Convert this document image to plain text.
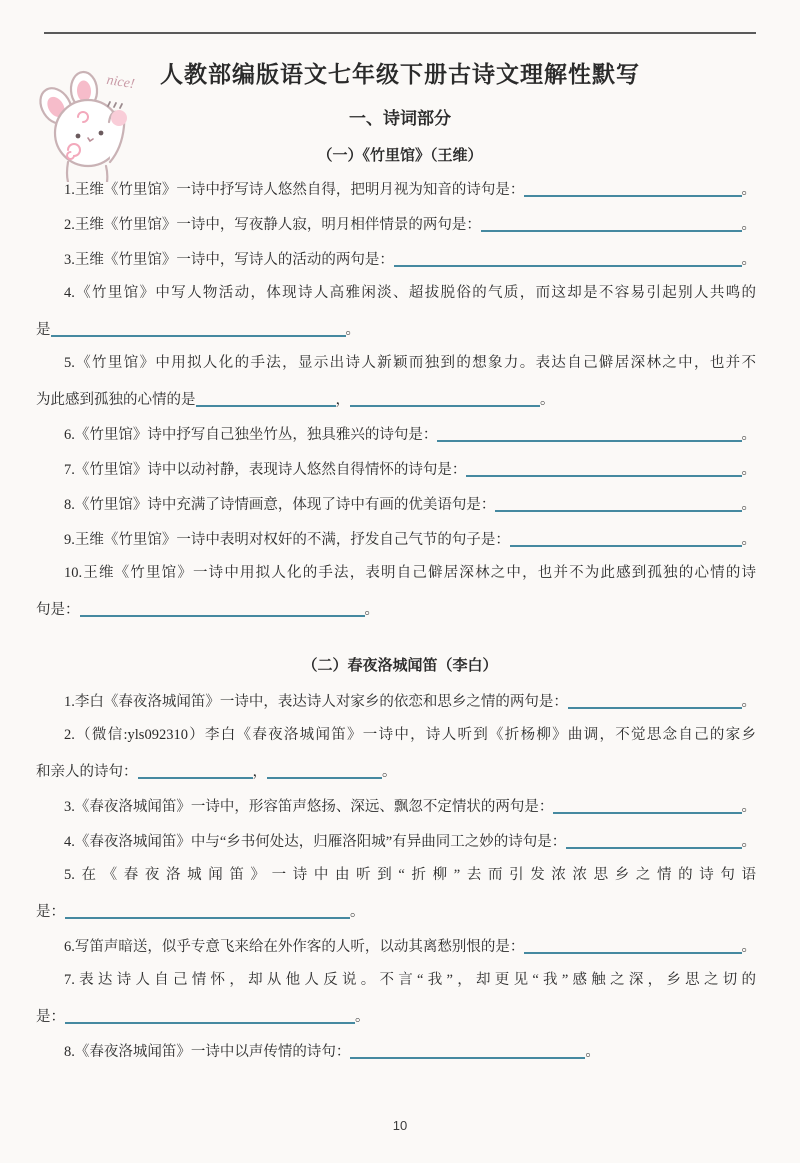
nice!	人教部编版语文七年级下册古诗文理解性默写
一、诗词部分
（一）《竹里馆》（王维）
1.王维《竹里馆》一诗中抒写诗人悠然自得，把明月视为知音的诗句是：	。
2.王维《竹里馆》一诗中，写夜静人寂，明月相伴情景的两句是：	。
3.王维《竹里馆》一诗中，写诗人的活动的两句是：	。
4.《竹里馆》中写人物活动，体现诗人高雅闲淡、超拔脱俗的气质，而这却是不容易引起别人共鸣的
是	。
5.《竹里馆》中用拟人化的手法，显示出诗人新颖而独到的想象力。表达自己僻居深林之中，也并不
为此感到孤独的心情的是	，	。
6.《竹里馆》诗中抒写自己独坐竹丛，独具雅兴的诗句是：	。
7.《竹里馆》诗中以动衬静，表现诗人悠然自得情怀的诗句是：	。
8.《竹里馆》诗中充满了诗情画意，体现了诗中有画的优美语句是：	。
9.王维《竹里馆》一诗中表明对权奸的不满，抒发自己气节的句子是：	。
10.王维《竹里馆》一诗中用拟人化的手法，表明自己僻居深林之中，也并不为此感到孤独的心情的诗
句是：	。
（二）春夜洛城闻笛（李白）
1.李白《春夜洛城闻笛》一诗中，表达诗人对家乡的依恋和思乡之情的两句是：	。
2.（微信:yls092310）李白《春夜洛城闻笛》一诗中，诗人听到《折杨柳》曲调，不觉思念自己的家乡
和亲人的诗句：	，	。
3.《春夜洛城闻笛》一诗中，形容笛声悠扬、深远、飘忽不定情状的两句是：	。
4.《春夜洛城闻笛》中与“乡书何处达，归雁洛阳城”有异曲同工之妙的诗句是：	。
5.在《春夜洛城闻笛》一诗中由听到“折柳”去而引发浓浓思乡之情的诗句语
是：	。
6.写笛声暗送，似乎专意飞来给在外作客的人听，以动其离愁别恨的是：	。
7.表达诗人自己情怀，却从他人反说。不言“我”，却更见“我”感触之深，乡思之切的
是：	。
8.《春夜洛城闻笛》一诗中以声传情的诗句：	。
10
